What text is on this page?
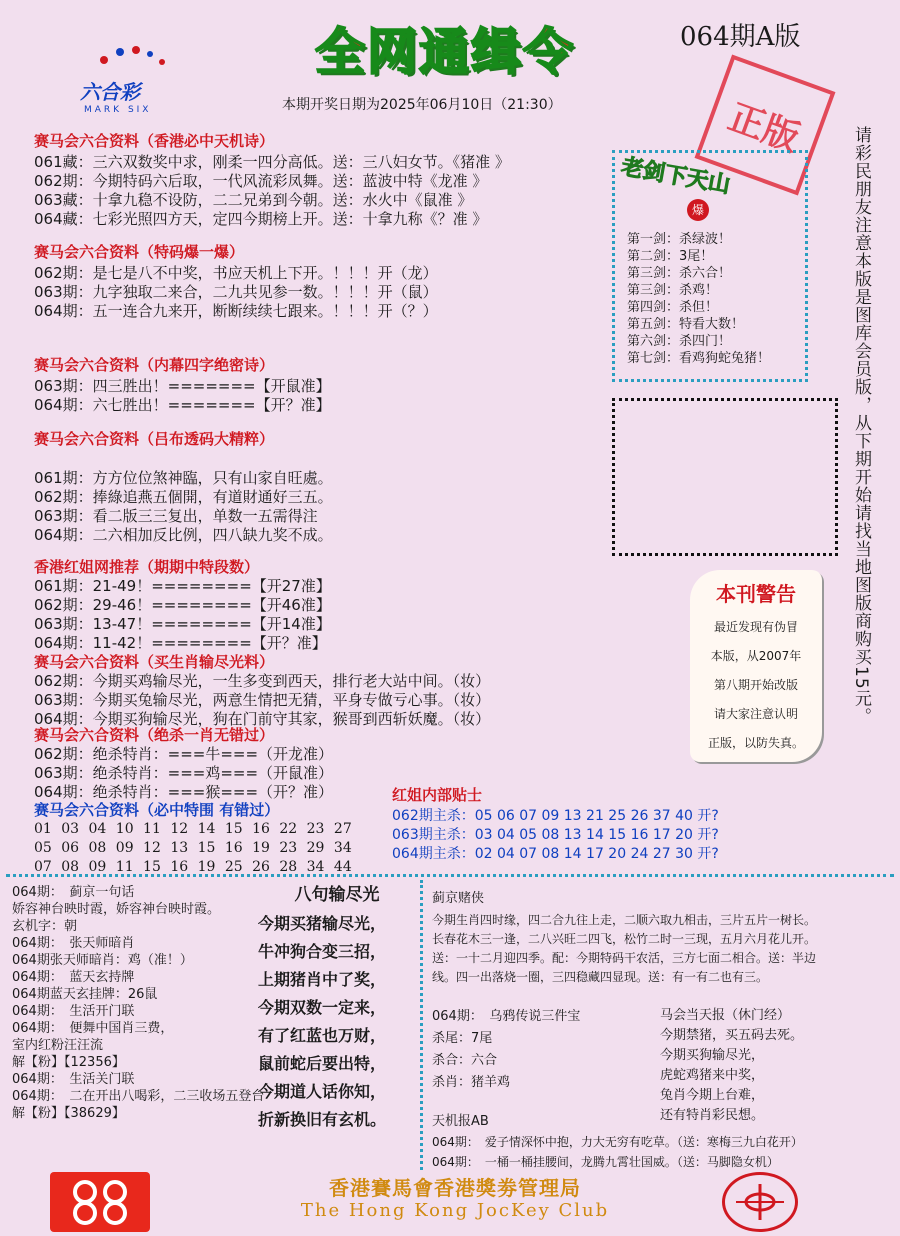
六合彩
MARK SIX
全网通缉令	064期A版
正版
本期开奖日期为2025年06月10日（21:30）
赛马会六合资料（香港必中天机诗）
061藏：三六双数奖中求，刚柔一四分高低。送：三八妇女节。《猪准 》
062期：今期特码六后取，一代风流彩凤舞。送：蓝波中特《龙准 》
063藏：十拿九稳不设防，二二兄弟到今朝。送：水火中《鼠准 》
064藏：七彩光照四方天，定四今期榜上开。送：十拿九称《？准 》
赛马会六合资料（特码爆一爆）
062期：是七是八不中奖，书应天机上下开。！！！开（龙）
063期：九字独取二来合，二九共见参一数。！！！开（鼠）
064期：五一连合九来开，断断续续七跟来。！！！开（？）
赛马会六合资料（内幕四字绝密诗）
063期：四三胜出！=======【开鼠准】
064期：六七胜出！=======【开？准】
赛马会六合资料（吕布透码大精粹）
061期：方方位位煞神臨，只有山家自旺處。
062期：捧綠追燕五個開，有道財通好三五。
063期：看二版三三复出，单数一五需得注
064期：二六相加反比例，四八缺九奖不成。
香港红姐网推荐（期期中特段数）
061期：21-49！========【开27准】
062期：29-46！========【开46准】
063期：13-47！========【开14准】
064期：11-42！========【开？准】
赛马会六合资料（买生肖输尽光料）
062期：今期买鸡输尽光，一生多变到西天，排行老大站中间。（妆）
063期：今期买兔输尽光，两意生情把无猜，平身专做亏心事。（妆）
064期：今期买狗输尽光，狗在门前守其家，猴哥到西斩妖魔。（妆）
赛马会六合资料（绝杀一肖无错过）
062期：绝杀特肖：===牛===（开龙准）
063期：绝杀特肖：===鸡===（开鼠准）
064期：绝杀特肖：===猴===（开？准）
赛马会六合资料（必中特围 有错过）
01 03 04 10 11 12 14 15 16 22 23 27
05 06 08 09 12 13 15 16 19 23 29 34
07 08 09 11 15 16 19 25 26 28 34 44
红姐内部贴士
062期主杀：05 06 07 09 13 21 25 26 37 40 开?
063期主杀：03 04 05 08 13 14 15 16 17 20 开?
064期主杀：02 04 07 08 14 17 20 24 27 30 开?
老剑下天山
爆
第一剑：杀绿波！
第二剑：3尾！
第三剑：杀六合！
第三剑：杀鸡！
第四剑：杀但！
第五剑：特看大数！
第六剑：杀四门！
第七剑：看鸡狗蛇兔猪！
本刊警告
最近发现有伪冒
本版，从2007年
第八期开始改版
请大家注意认明
正版，以防失真。
请彩民朋友注意本版是图库会员版，从下期开始请找当地图版商购买15元。
064期：　蓟京一句话
娇容神台映时霞，娇容神台映时霞。
玄机字：朝
064期：　张天师暗肖
064期张天师暗肖：鸡（准！）
064期：　蓝天玄持牌
064期蓝天玄挂牌：26鼠
064期：　生活开门联
064期：　便舞中国肖三费，
室内红粉汪汪流
解【粉】【12356】
064期：　生活关门联
064期：　二在开出八喝彩，二三收场五登台
解【粉】【38629】
八句输尽光
今期买猪输尽光，
牛冲狗合变三招，
上期猪肖中了奖，
今期双数一定来，
有了红蓝也万财，
鼠前蛇后要出特，
今期道人话你知，
折新换旧有玄机。
蓟京赌侠
今期生肖四时缘，四二合九往上走，二顺六取九相击，三片五片一树长。
长春花木三一逢，二八兴旺二四飞，松竹二时一三现，五月六月花儿开。
送：一十二月迎四季。配：今期特码干农活，三方七面二相合。送：半边
线。四一出落烧一圈，三四稳藏四显现。送：有一有二也有三。
064期：　乌鸦传说三件宝
杀尾：7尾
杀合：六合
杀肖：猪羊鸡
马会当天报（休门经）
今期禁猪，买五码去死。
今期买狗输尽光，
虎蛇鸡猪来中奖，
兔肖今期上台难，
还有特肖彩民想。
天机报AB
064期：　爱子情深怀中抱，力大无穷有吃草。（送：寒梅三九白花开）
064期：　一桶一桶挂腰间，龙腾九霄壮国威。（送：马脚隐女机）
香港賽馬會香港獎劵管理局
The Hong Kong JocKey Club
